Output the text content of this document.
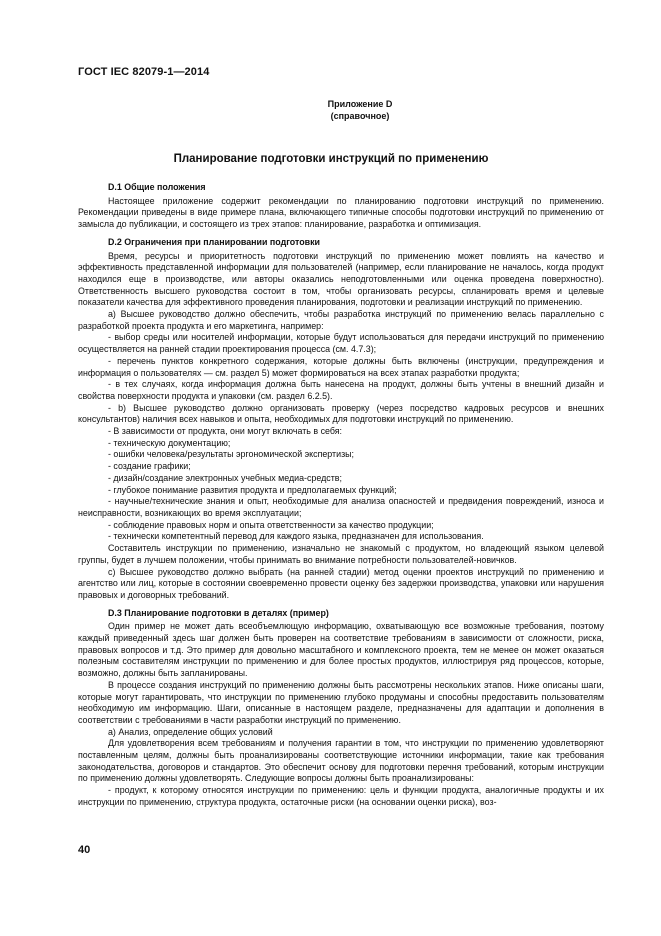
ГОСТ IEC 82079-1—2014
Приложение D
(справочное)
Планирование подготовки инструкций по применению
D.1 Общие положения

Настоящее приложение содержит рекомендации по планированию подготовки инструкций по применению. Рекомендации приведены в виде примере плана, включающего типичные способы подготовки инструкций по применению от замысла до публикации, и состоящего из трех этапов: планирование, разработка и оптимизация.

D.2 Ограничения при планировании подготовки

Время, ресурсы и приоритетность подготовки инструкций по применению может повлиять на качество и эффективность представленной информации для пользователей (например, если планирование не началось, когда продукт находился еще в производстве, или авторы оказались неподготовленными или оценка проведена поверхностно). Ответственность высшего руководства состоит в том, чтобы организовать ресурсы, спланировать время и целевые показатели качества для эффективного проведения планирования, подготовки и реализации инструкций по применению.

а) Высшее руководство должно обеспечить, чтобы разработка инструкций по применению велась параллельно с разработкой проекта продукта и его маркетинга, например:

- выбор среды или носителей информации, которые будут использоваться для передачи инструкций по применению осуществляется на ранней стадии проектирования процесса (см. 4.7.3);

- перечень пунктов конкретного содержания, которые должны быть включены (инструкции, предупреждения и информация о пользователях — см. раздел 5) может формироваться на всех этапах разработки продукта;

- в тех случаях, когда информация должна быть нанесена на продукт, должны быть учтены в внешний дизайн и свойства поверхности продукта и упаковки (см. раздел 6.2.5).

- b) Высшее руководство должно организовать проверку (через посредство кадровых ресурсов и внешних консультантов) наличия всех навыков и опыта, необходимых для подготовки инструкций по применению.

- В зависимости от продукта, они могут включать в себя:

- техническую документацию;

- ошибки человека/результаты эргономической экспертизы;

- создание графики;

- дизайн/создание электронных учебных медиа-средств;

- глубокое понимание развития продукта и предполагаемых функций;

- научные/технические знания и опыт, необходимые для анализа опасностей и предвидения повреждений, износа и неисправности, возникающих во время эксплуатации;

- соблюдение правовых норм и опыта ответственности за качество продукции;

- технически компетентный перевод для каждого языка, предназначен для использования.

Составитель инструкции по применению, изначально не знакомый с продуктом, но владеющий языком целевой группы, будет в лучшем положении, чтобы принимать во внимание потребности пользователей-новичков.

с) Высшее руководство должно выбрать (на ранней стадии) метод оценки проектов инструкций по применению и агентство или лиц, которые в состоянии своевременно провести оценку без задержки производства, упаковки или нарушения правовых и договорных требований.

D.3 Планирование подготовки в деталях (пример)

Один пример не может дать всеобъемлющую информацию, охватывающую все возможные требования, поэтому каждый приведенный здесь шаг должен быть проверен на соответствие требованиям в зависимости от сложности, риска, правовых вопросов и т.д. Это пример для довольно масштабного и комплексного проекта, тем не менее он может оказаться полезным составителям инструкции по применению и для более простых продуктов, иллюстрируя ряд процессов, которые, возможно, должны быть запланированы.

В процессе создания инструкций по применению должны быть рассмотрены нескольких этапов. Ниже описаны шаги, которые могут гарантировать, что инструкции по применению глубоко продуманы и способны предоставить пользователям необходимую им информацию. Шаги, описанные в настоящем разделе, предназначены для адаптации и дополнения в соответствии с требованиями в части разработки инструкций по применению.

а) Анализ, определение общих условий

Для удовлетворения всем требованиям и получения гарантии в том, что инструкции по применению удовлетворяют поставленным целям, должны быть проанализированы соответствующие источники информации, такие как требования законодательства, договоров и стандартов. Это обеспечит основу для подготовки перечня требований, которым инструкции по применению должны удовлетворять. Следующие вопросы должны быть проанализированы:

- продукт, к которому относятся инструкции по применению: цель и функции продукта, аналогичные продукты и их инструкции по применению, структура продукта, остаточные риски (на основании оценки риска), воз-

40
